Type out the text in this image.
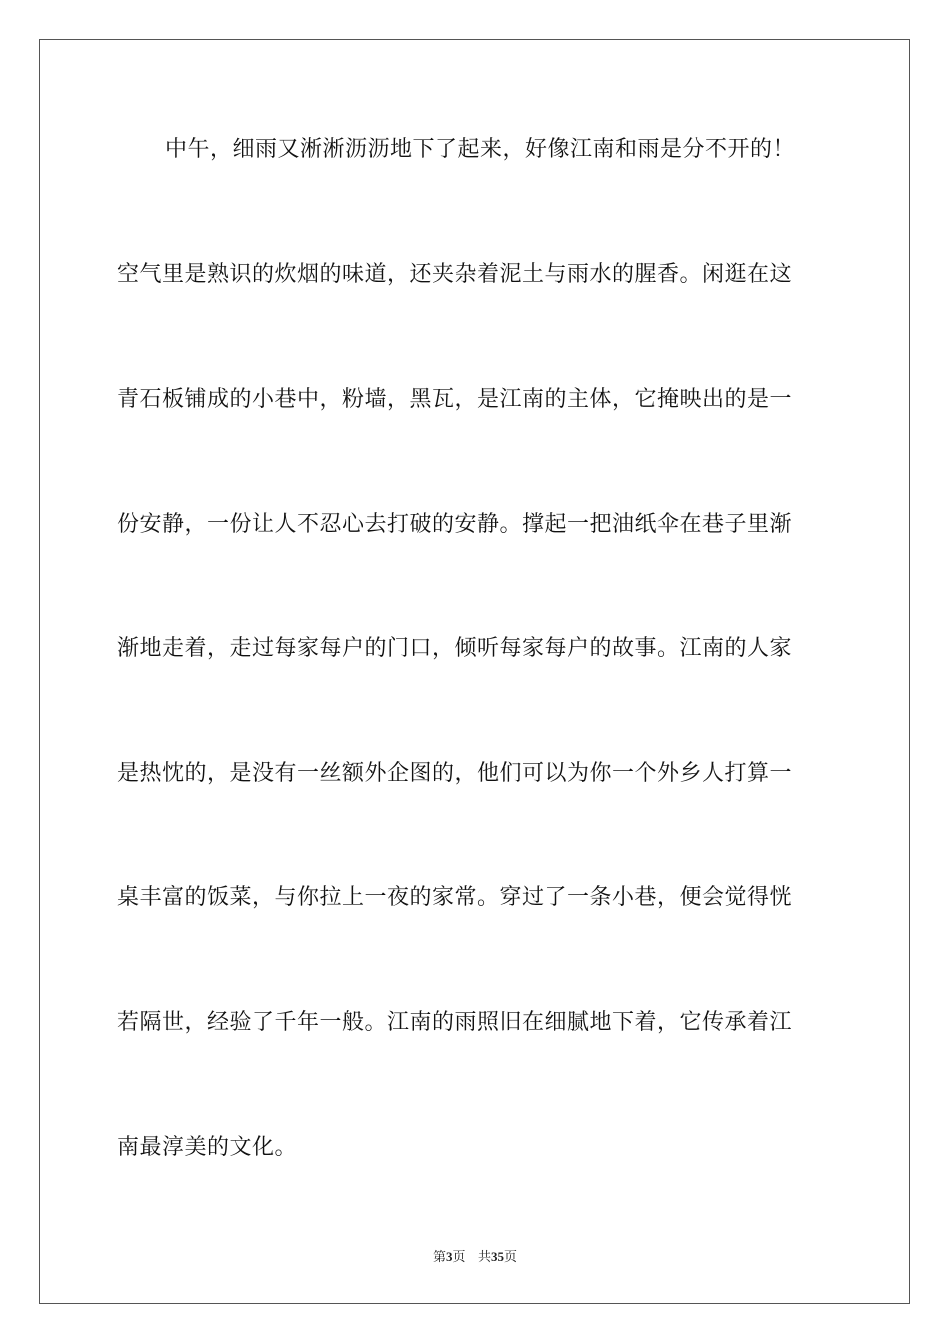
中午，细雨又淅淅沥沥地下了起来，好像江南和雨是分不开的！
空气里是熟识的炊烟的味道，还夹杂着泥土与雨水的腥香。闲逛在这
青石板铺成的小巷中，粉墙，黑瓦，是江南的主体，它掩映出的是一
份安静，一份让人不忍心去打破的安静。撑起一把油纸伞在巷子里渐
渐地走着，走过每家每户的门口，倾听每家每户的故事。江南的人家
是热忱的，是没有一丝额外企图的，他们可以为你一个外乡人打算一
桌丰富的饭菜，与你拉上一夜的家常。穿过了一条小巷，便会觉得恍
若隔世，经验了千年一般。江南的雨照旧在细腻地下着，它传承着江
南最淳美的文化。
第3页 共35页
